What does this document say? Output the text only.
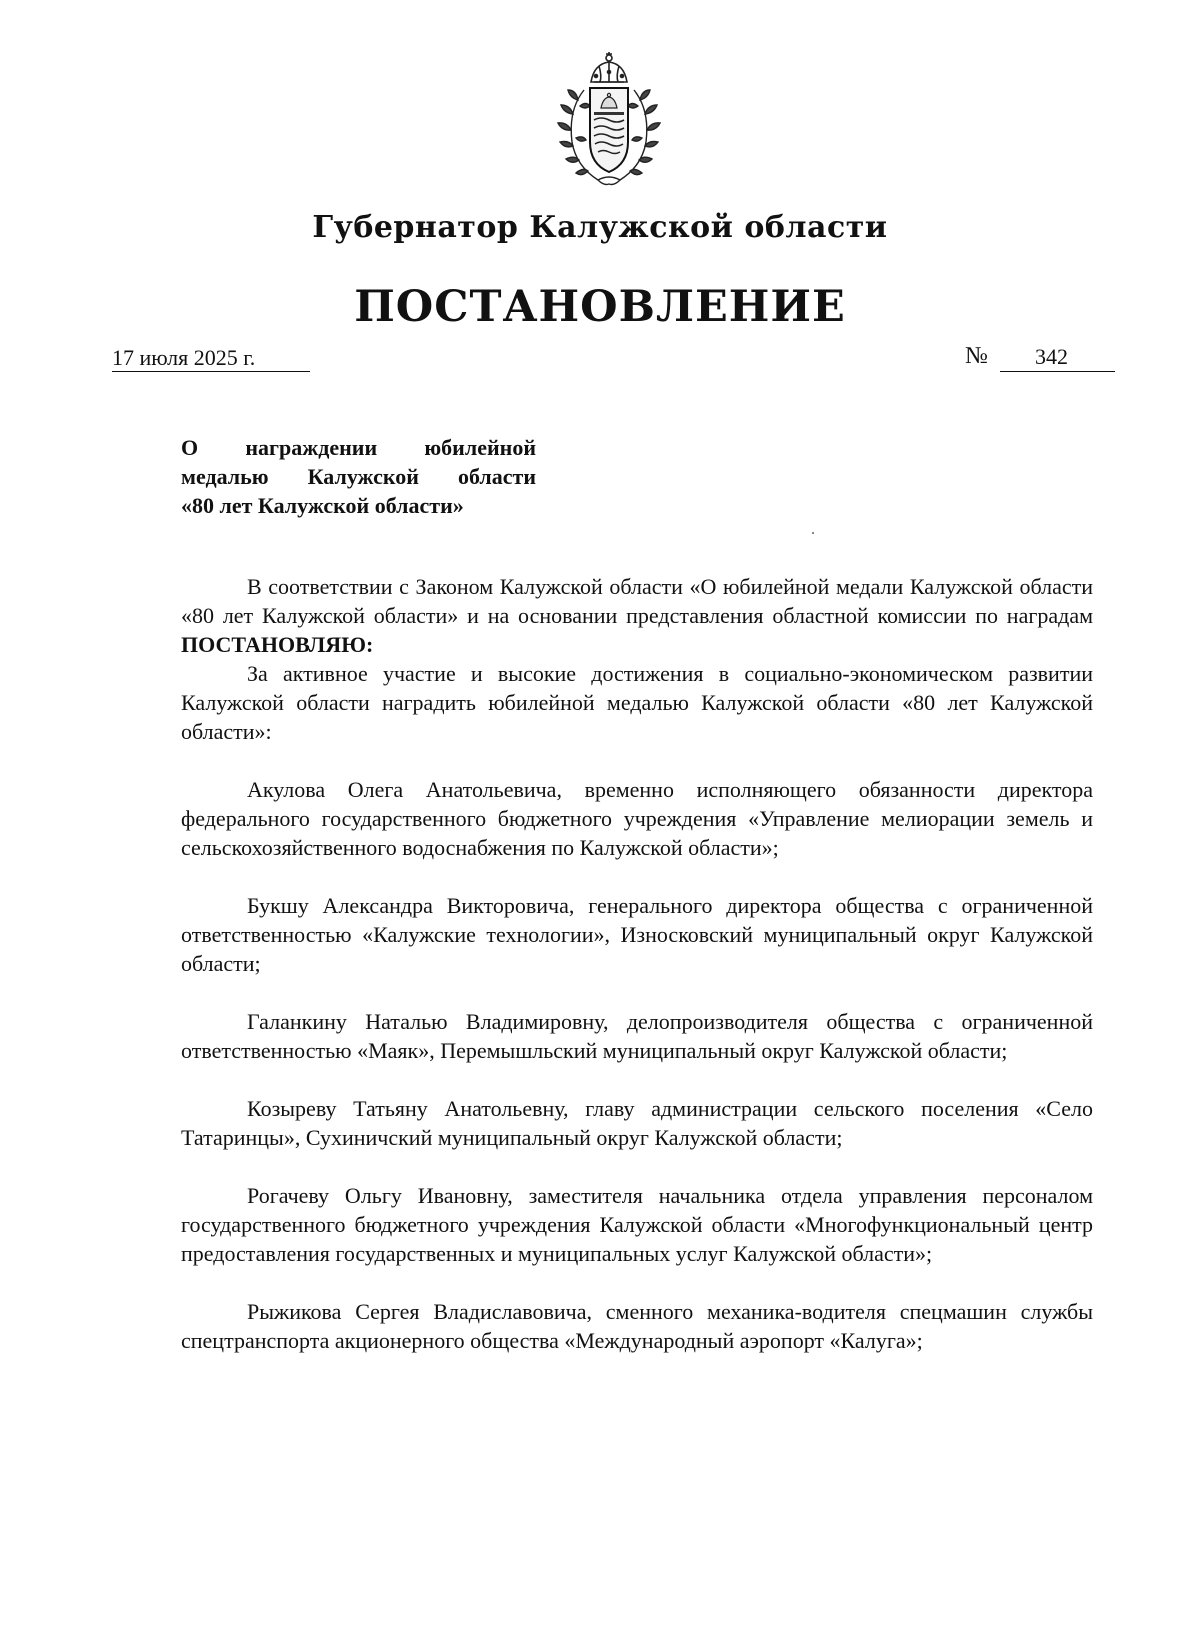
Губернатор Калужской области
ПОСТАНОВЛЕНИЕ
17 июля 2025 г.	№ 342
О награждении юбилейной
медалью Калужской области
«80 лет Калужской области»

В соответствии с Законом Калужской области «О юбилейной медали Калужской области «80 лет Калужской области» и на основании представления областной комиссии по наградам ПОСТАНОВЛЯЮ:

За активное участие и высокие достижения в социально-экономическом развитии Калужской области наградить юбилейной медалью Калужской области «80 лет Калужской области»:

Акулова Олега Анатольевича, временно исполняющего обязанности директора федерального государственного бюджетного учреждения «Управление мелиорации земель и сельскохозяйственного водоснабжения по Калужской области»;

Букшу Александра Викторовича, генерального директора общества с ограниченной ответственностью «Калужские технологии», Износковский муниципальный округ Калужской области;

Галанкину Наталью Владимировну, делопроизводителя общества с ограниченной ответственностью «Маяк», Перемышльский муниципальный округ Калужской области;

Козыреву Татьяну Анатольевну, главу администрации сельского поселения «Село Татаринцы», Сухиничский муниципальный округ Калужской области;

Рогачеву Ольгу Ивановну, заместителя начальника отдела управления персоналом государственного бюджетного учреждения Калужской области «Многофункциональный центр предоставления государственных и муниципальных услуг Калужской области»;

Рыжикова Сергея Владиславовича, сменного механика-водителя спецмашин службы спецтранспорта акционерного общества «Международный аэропорт «Калуга»;
